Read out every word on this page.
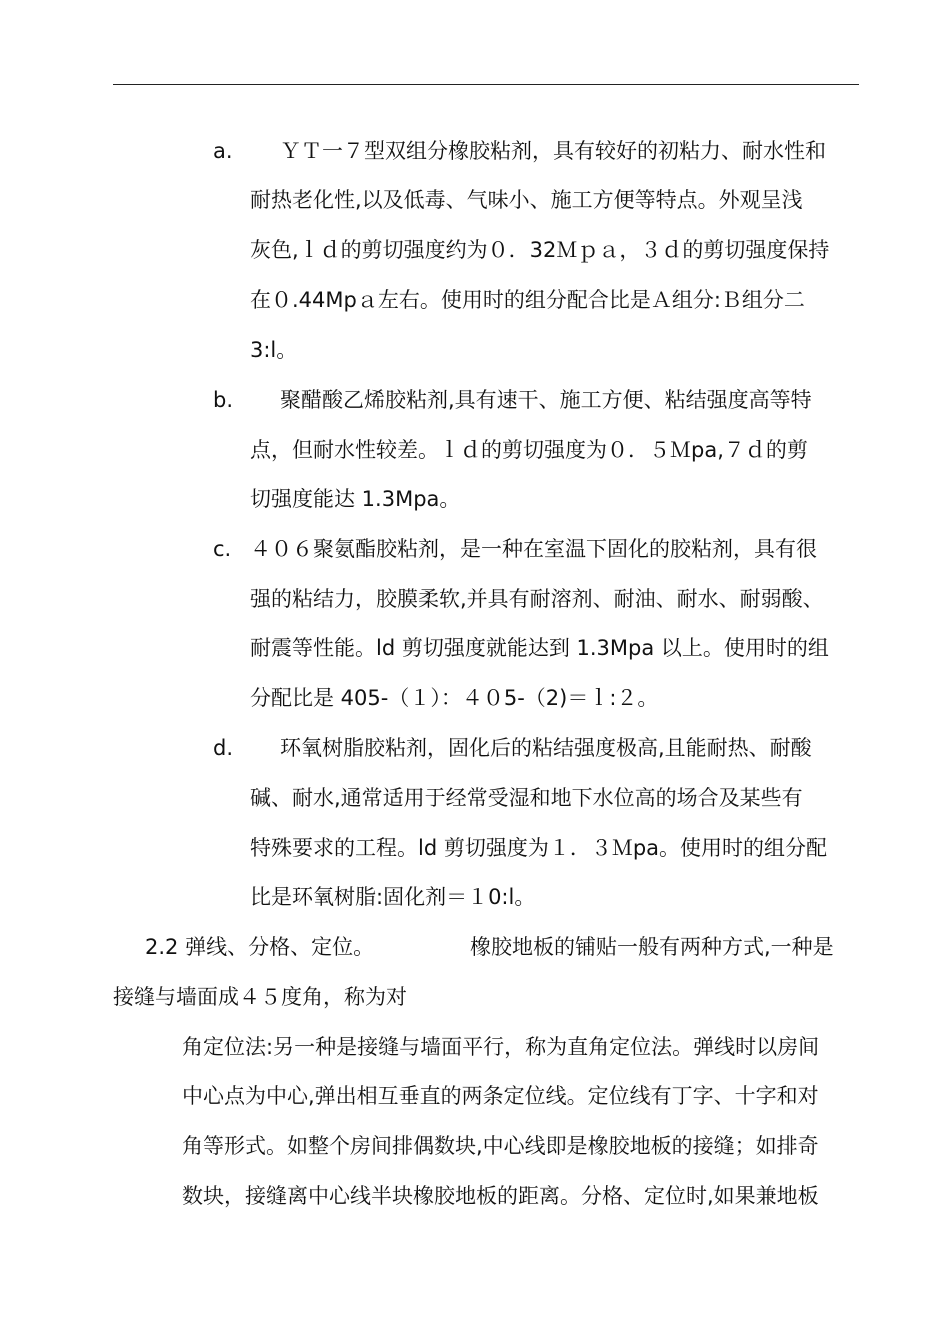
a. ＹＴ一７型双组分橡胶粘剂，具有较好的初粘力、耐水性和
耐热老化性,以及低毒、气味小、施工方便等特点。外观呈浅
灰色,ｌｄ的剪切强度约为０．32Ｍｐａ，３ｄ的剪切强度保持
在０.44Mpａ左右。使用时的组分配合比是Ａ组分:Ｂ组分二
3:l。
b. 聚醋酸乙烯胶粘剂,具有速干、施工方便、粘结强度高等特
点，但耐水性较差。ｌｄ的剪切强度为０．５Ｍpa,７ｄ的剪
切强度能达 1.3Mpa。
c. ４０６聚氨酯胶粘剂，是一种在室温下固化的胶粘剂，具有很
强的粘结力，胶膜柔软,并具有耐溶剂、耐油、耐水、耐弱酸、
耐震等性能。ld 剪切强度就能达到 1.3Mpa 以上。使用时的组
分配比是 405-（１）：４０5-（2)＝ｌ:２。
d. 环氧树脂胶粘剂，固化后的粘结强度极高,且能耐热、耐酸
碱、耐水,通常适用于经常受湿和地下水位高的场合及某些有
特殊要求的工程。ld 剪切强度为１．３Ｍpa。使用时的组分配
比是环氧树脂:固化剂＝１0:l。
2.2 弹线、分格、定位。	橡胶地板的铺贴一般有两种方式,一种是
接缝与墙面成４５度角，称为对
角定位法:另一种是接缝与墙面平行，称为直角定位法。弹线时以房间
中心点为中心,弹出相互垂直的两条定位线。定位线有丁字、十字和对
角等形式。如整个房间排偶数块,中心线即是橡胶地板的接缝；如排奇
数块，接缝离中心线半块橡胶地板的距离。分格、定位时,如果兼地板
